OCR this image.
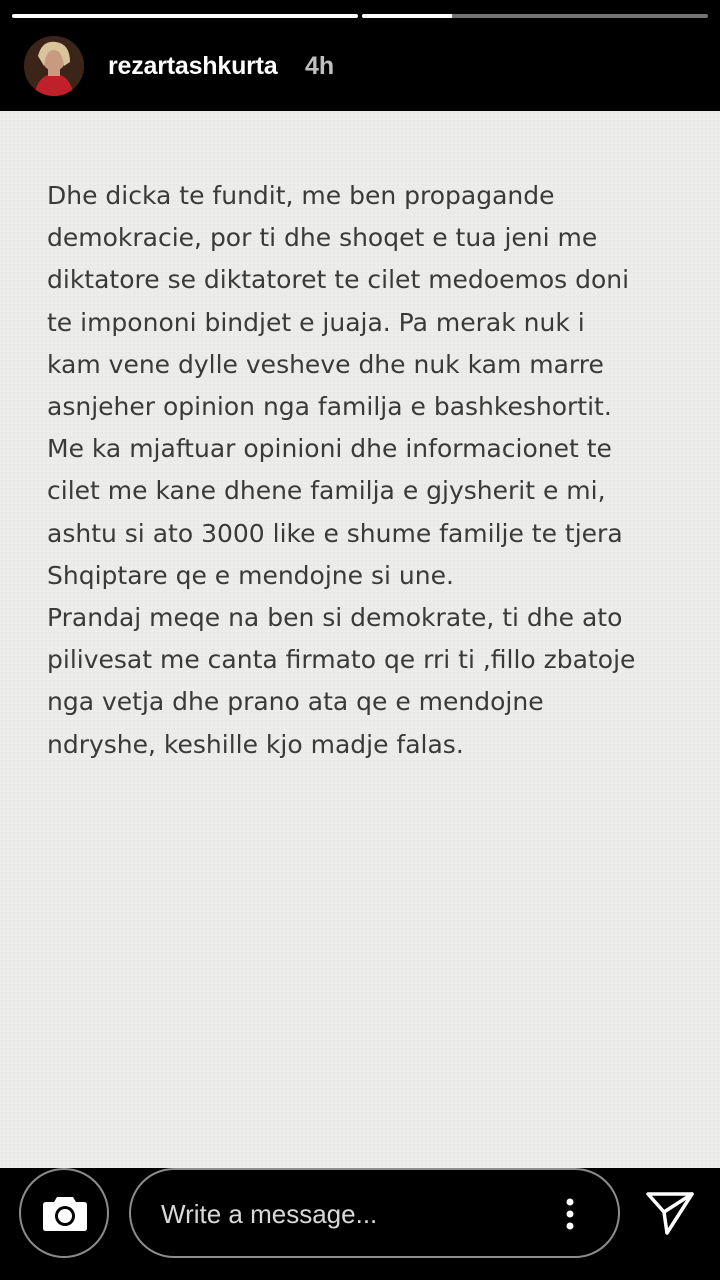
rezartashkurta 4h

Dhe dicka te fundit, me ben propagande

demokracie, por ti dhe shoqet e tua jeni me

diktatore se diktatoret te cilet medoemos doni

te impononi bindjet e juaja. Pa merak nuk i

kam vene dylle vesheve dhe nuk kam marre

asnjeher opinion nga familja e bashkeshortit.

Me ka mjaftuar opinioni dhe informacionet te

cilet me kane dhene familja e gjysherit e mi,

ashtu si ato 3000 like e shume familje te tjera

Shqiptare qe e mendojne si une.

Prandaj meqe na ben si demokrate, ti dhe ato

pilivesat me canta firmato qe rri ti ,fillo zbatoje

nga vetja dhe prano ata qe e mendojne

ndryshe, keshille kjo madje falas.

Write a message...
